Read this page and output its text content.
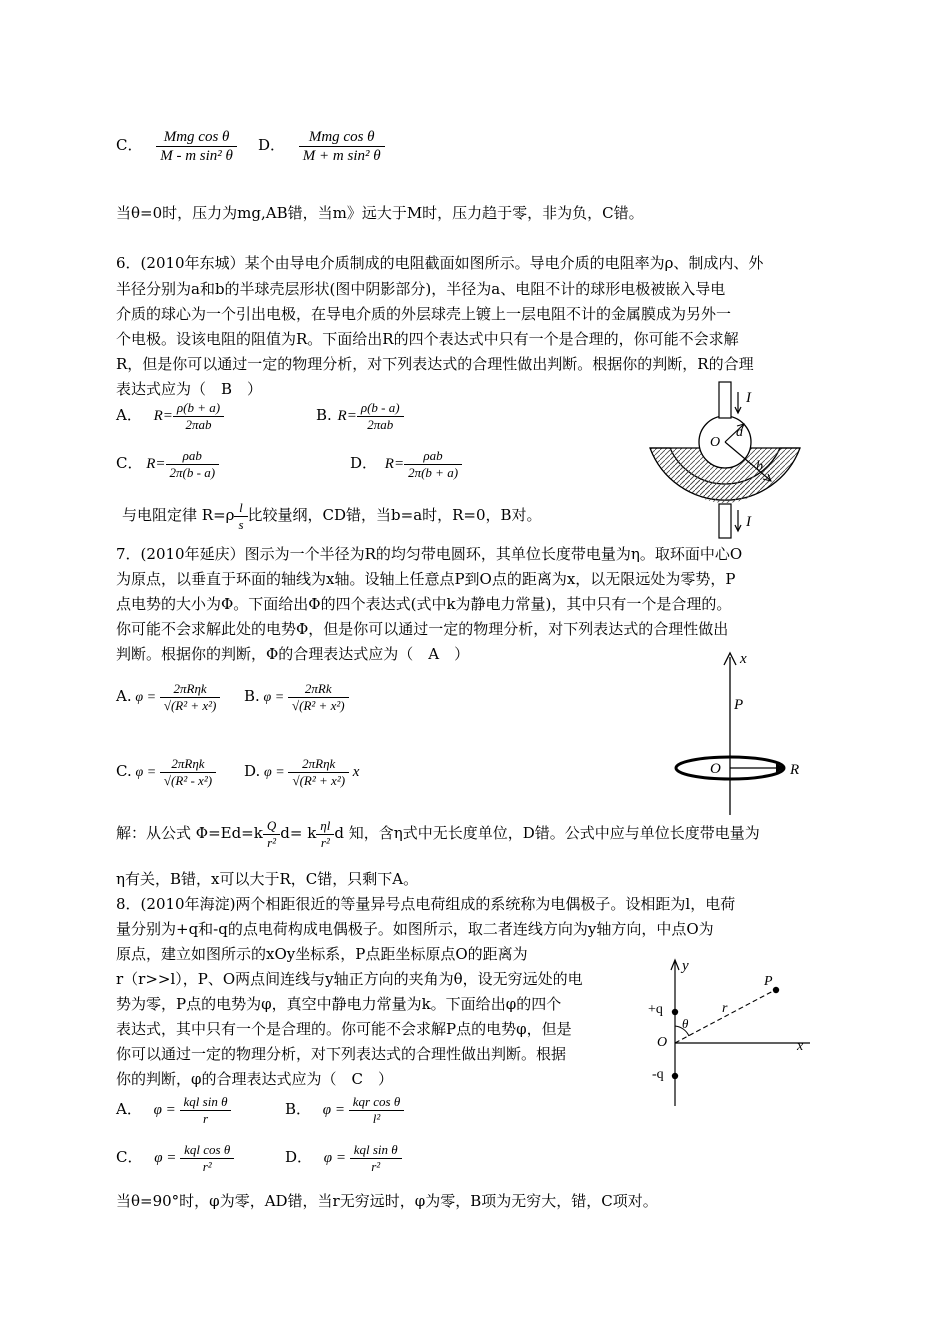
C． $\frac{\text{Mmg cos θ}}{\text{M - m sin² θ}}$ D． $\frac{\text{Mmg cos θ}}{\text{M + m sin² θ}}$
当θ=0时，压力为mg,AB错，当m》远大于M时，压力趋于零，非为负，C错。
6．(2010年东城）某个由导电介质制成的电阻截面如图所示。导电介质的电阻率为ρ、制成内、外
半径分别为a和b的半球壳层形状(图中阴影部分)，半径为a、电阻不计的球形电极被嵌入导电
介质的球心为一个引出电极，在导电介质的外层球壳上镀上一层电阻不计的金属膜成为另外一
个电极。设该电阻的阻值为R。下面给出R的四个表达式中只有一个是合理的，你可能不会求解
R，但是你可以通过一定的物理分析，对下列表达式的合理性做出判断。根据你的判断，R的合理
表达式应为（　B　）
A． $R= \frac{\rho(b + a)}{\text{2πab}}$	B. $R= \frac{\rho(b - a)}{\text{2πab}}$
C． $R= \frac{\text{ρab}}{2\pi(b - a)}$	D． $R= \frac{\text{ρab}}{2\pi(b + a)}$
与电阻定律 $R=\rho \frac{l}{s}$ 比较量纲，CD错，当b=a时，R=0，B对。
I
I
O
a
b
7．(2010年延庆）图示为一个半径为R的均匀带电圆环，其单位长度带电量为η。取环面中心O
为原点，以垂直于环面的轴线为x轴。设轴上任意点P到O点的距离为x，以无限远处为零势，P
点电势的大小为Φ。下面给出Φ的四个表达式(式中k为静电力常量)，其中只有一个是合理的。
你可能不会求解此处的电势Φ，但是你可以通过一定的物理分析，对下列表达式的合理性做出
判断。根据你的判断，Φ的合理表达式应为（　A　）
A. $\varphi = \frac{\text{2πRηk}}{\text{√(R² + x²)}} B$. $\varphi = \frac{\text{2πRk}}{\text{√(R² + x²)}}$
C. $\varphi = \frac{\text{2πRηk}}{\text{√(R² - x²)}} D$. $\varphi = \frac{\text{2πRηk}}{\text{√(R² + x²)}}$ x
解：从公式 $\Phi=Ed=k \frac{Q}{\text{r²}} d= k \frac{\eta l}{\text{r²}}$ d 知，含η式中无长度单位，D错。公式中应与单位长度带电量为
η有关，B错，x可以大于R，C错，只剩下A。
x
P
O	R
8．(2010年海淀)两个相距很近的等量异号点电荷组成的系统称为电偶极子。设相距为l，电荷
量分别为+q和-q的点电荷构成电偶极子。如图所示，取二者连线方向为y轴方向，中点O为
原点，建立如图所示的xOy坐标系，P点距坐标原点O的距离为
r（r>>l），P、O两点间连线与y轴正方向的夹角为θ，设无穷远处的电
势为零，P点的电势为φ，真空中静电力常量为k。下面给出φ的四个
表达式，其中只有一个是合理的。你可能不会求解P点的电势φ，但是
你可以通过一定的物理分析，对下列表达式的合理性做出判断。根据
你的判断，φ的合理表达式应为（　C　）
A． $\varphi = \frac{\text{kql sin θ}}{r}$	B． $\varphi = \frac{\text{kqr cos θ}}{\text{l²}}$
C． $\varphi = \frac{\text{kql cos θ}}{\text{r²}}$	D． $\varphi = \frac{\text{kql sin θ}}{\text{r²}}$
当θ=90°时，φ为零，AD错，当r无穷远时，φ为零，B项为无穷大，错，C项对。
y
x
P
r
+q
-q
O
θ
